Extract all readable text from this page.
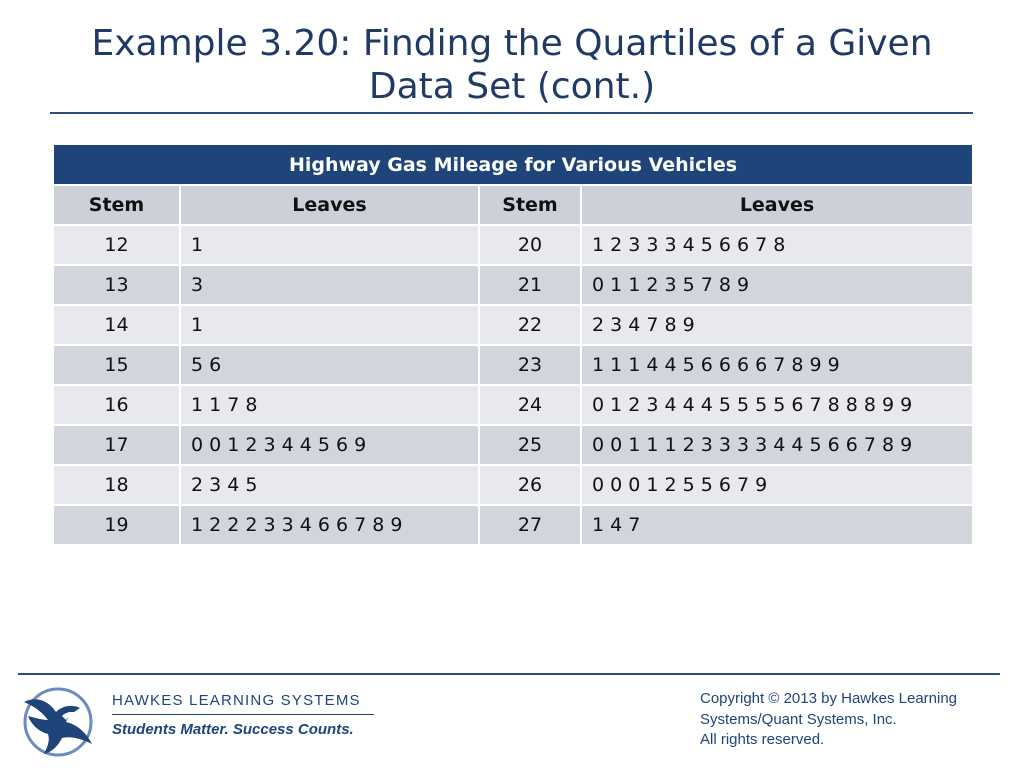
Example 3.20: Finding the Quartiles of a Given
Data Set (cont.)
Highway Gas Mileage for Various Vehicles			
Stem	Leaves	Stem	Leaves
12	1	20	1 2 3 3 3 4 5 6 6 7 8
13	3	21	0 1 1 2 3 5 7 8 9
14	1	22	2 3 4 7 8 9
15	5 6	23	1 1 1 4 4 5 6 6 6 6 7 8 9 9
16	1 1 7 8	24	0 1 2 3 4 4 4 5 5 5 5 6 7 8 8 8 9 9
17	0 0 1 2 3 4 4 5 6 9	25	0 0 1 1 1 2 3 3 3 3 4 4 5 6 6 7 8 9
18	2 3 4 5	26	0 0 0 1 2 5 5 6 7 9
19	1 2 2 2 3 3 4 6 6 7 8 9	27	1 4 7
HAWKES LEARNING SYSTEMS
Students Matter. Success Counts.
Copyright © 2013 by Hawkes Learning
Systems/Quant Systems, Inc.
All rights reserved.
